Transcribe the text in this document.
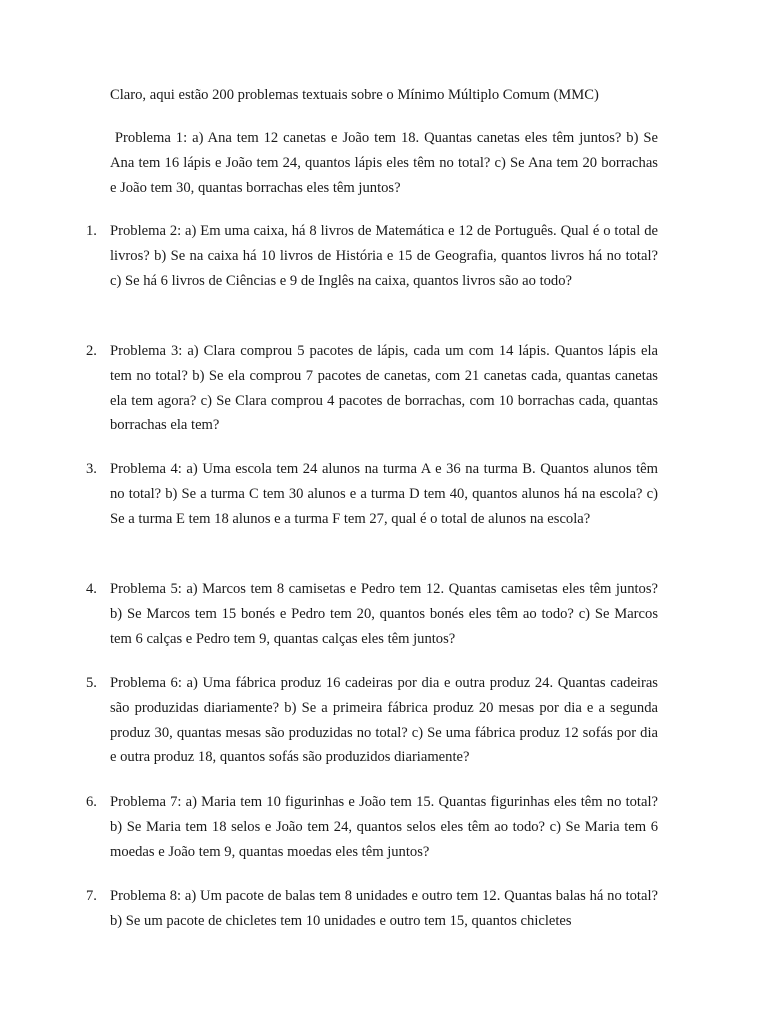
Claro, aqui estão 200 problemas textuais sobre o Mínimo Múltiplo Comum (MMC)

Problema 1: a) Ana tem 12 canetas e João tem 18. Quantas canetas eles têm juntos? b) Se Ana tem 16 lápis e João tem 24, quantos lápis eles têm no total? c) Se Ana tem 20 borrachas e João tem 30, quantas borrachas eles têm juntos?

1. Problema 2: a) Em uma caixa, há 8 livros de Matemática e 12 de Português. Qual é o total de livros? b) Se na caixa há 10 livros de História e 15 de Geografia, quantos livros há no total? c) Se há 6 livros de Ciências e 9 de Inglês na caixa, quantos livros são ao todo?

2. Problema 3: a) Clara comprou 5 pacotes de lápis, cada um com 14 lápis. Quantos lápis ela tem no total? b) Se ela comprou 7 pacotes de canetas, com 21 canetas cada, quantas canetas ela tem agora? c) Se Clara comprou 4 pacotes de borrachas, com 10 borrachas cada, quantas borrachas ela tem?

3. Problema 4: a) Uma escola tem 24 alunos na turma A e 36 na turma B. Quantos alunos têm no total? b) Se a turma C tem 30 alunos e a turma D tem 40, quantos alunos há na escola? c) Se a turma E tem 18 alunos e a turma F tem 27, qual é o total de alunos na escola?

4. Problema 5: a) Marcos tem 8 camisetas e Pedro tem 12. Quantas camisetas eles têm juntos? b) Se Marcos tem 15 bonés e Pedro tem 20, quantos bonés eles têm ao todo? c) Se Marcos tem 6 calças e Pedro tem 9, quantas calças eles têm juntos?

5. Problema 6: a) Uma fábrica produz 16 cadeiras por dia e outra produz 24. Quantas cadeiras são produzidas diariamente? b) Se a primeira fábrica produz 20 mesas por dia e a segunda produz 30, quantas mesas são produzidas no total? c) Se uma fábrica produz 12 sofás por dia e outra produz 18, quantos sofás são produzidos diariamente?

6. Problema 7: a) Maria tem 10 figurinhas e João tem 15. Quantas figurinhas eles têm no total? b) Se Maria tem 18 selos e João tem 24, quantos selos eles têm ao todo? c) Se Maria tem 6 moedas e João tem 9, quantas moedas eles têm juntos?

7. Problema 8: a) Um pacote de balas tem 8 unidades e outro tem 12. Quantas balas há no total? b) Se um pacote de chicletes tem 10 unidades e outro tem 15, quantos chicletes
